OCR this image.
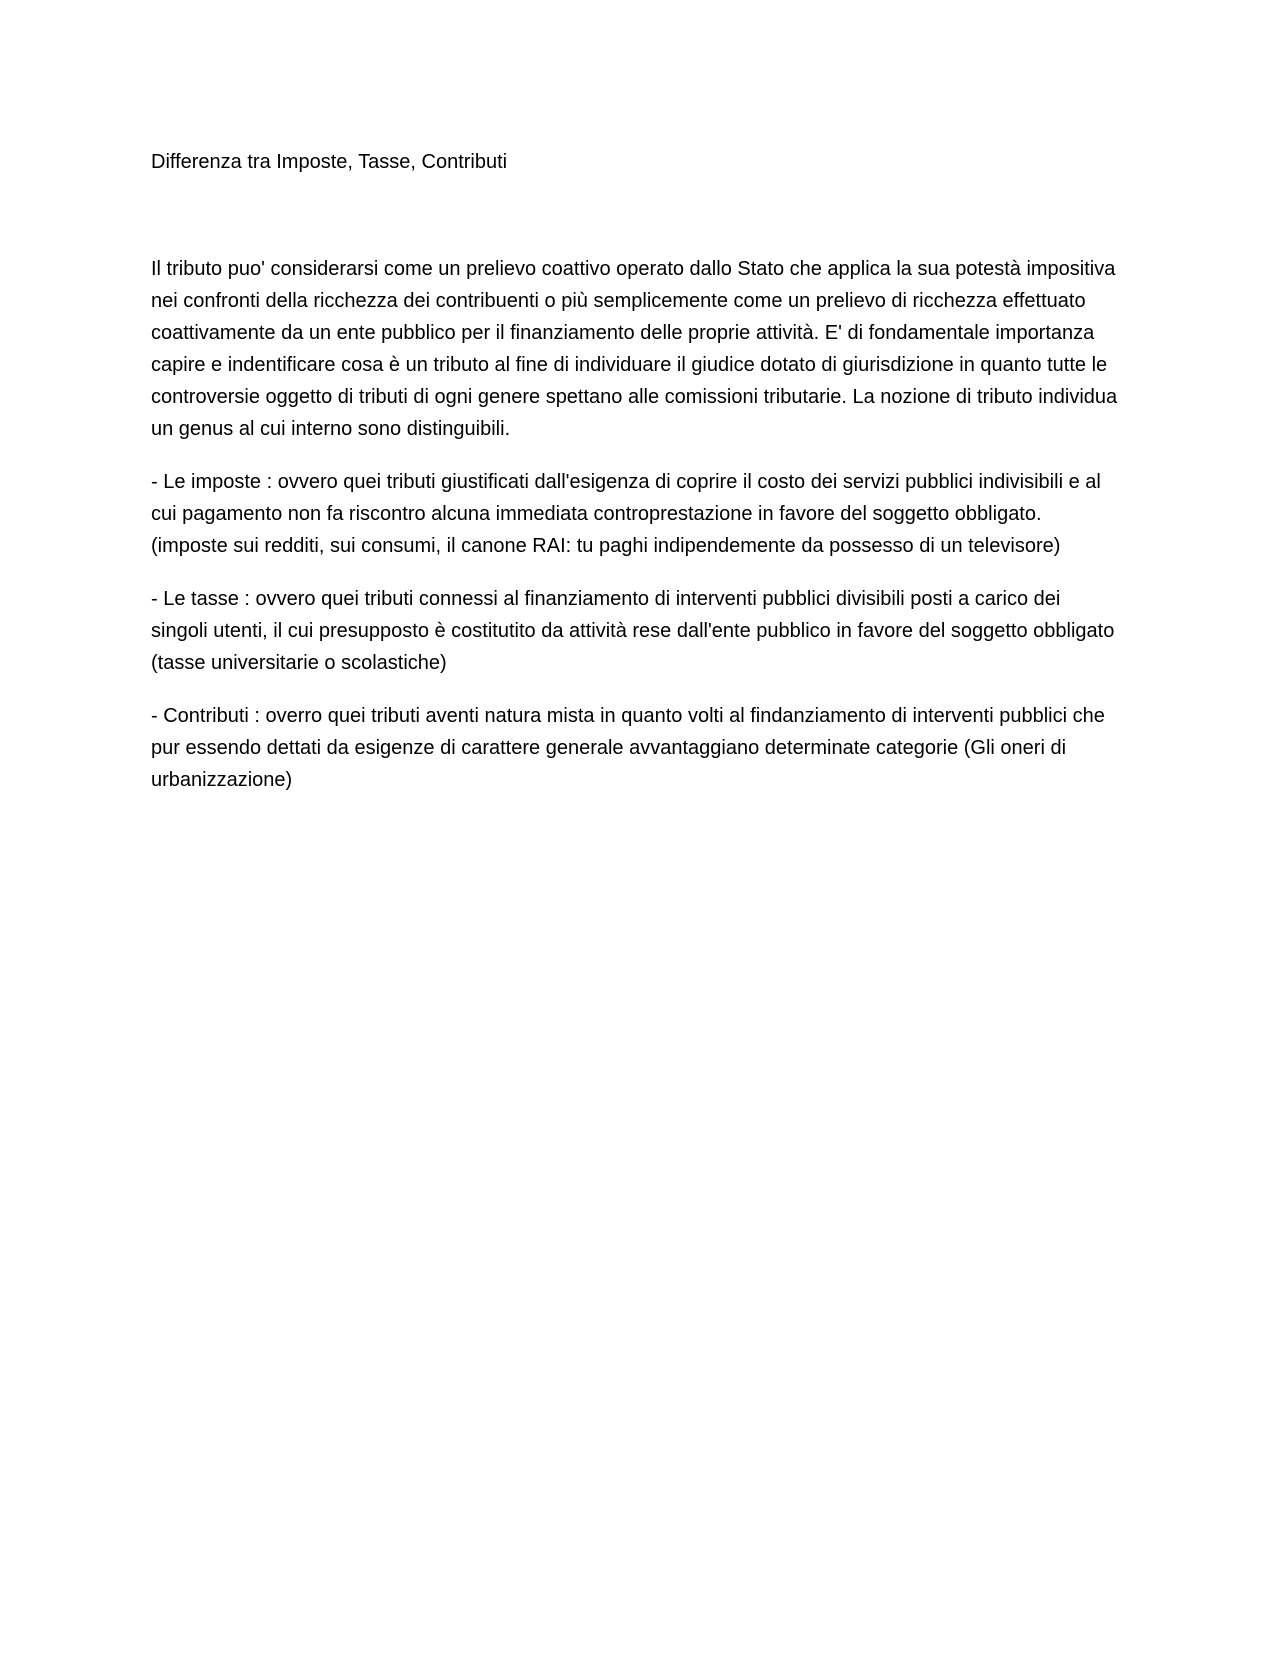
Differenza tra Imposte, Tasse, Contributi

Il tributo puo' considerarsi come un prelievo coattivo operato dallo Stato che applica la sua potestà impositiva nei confronti della ricchezza dei contribuenti o più semplicemente come un prelievo di ricchezza effettuato coattivamente da un ente pubblico per il finanziamento delle proprie attività. E' di fondamentale importanza capire e indentificare cosa è un tributo al fine di individuare il giudice dotato di giurisdizione in quanto tutte le controversie oggetto di tributi di ogni genere spettano alle comissioni tributarie. La nozione di tributo individua un genus al cui interno sono distinguibili.

- Le imposte : ovvero quei tributi giustificati dall'esigenza di coprire il costo dei servizi pubblici indivisibili e al cui pagamento non fa riscontro alcuna immediata controprestazione in favore del soggetto obbligato. (imposte sui redditi, sui consumi, il canone RAI: tu paghi indipendemente da possesso di un televisore)

- Le tasse : ovvero quei tributi connessi al finanziamento di interventi pubblici divisibili posti a carico dei singoli utenti, il cui presupposto è costitutito da attività rese dall'ente pubblico in favore del soggetto obbligato (tasse universitarie o scolastiche)

- Contributi : overro quei tributi aventi natura mista in quanto volti al findanziamento di interventi pubblici che pur essendo dettati da esigenze di carattere generale avvantaggiano determinate categorie (Gli oneri di urbanizzazione)
